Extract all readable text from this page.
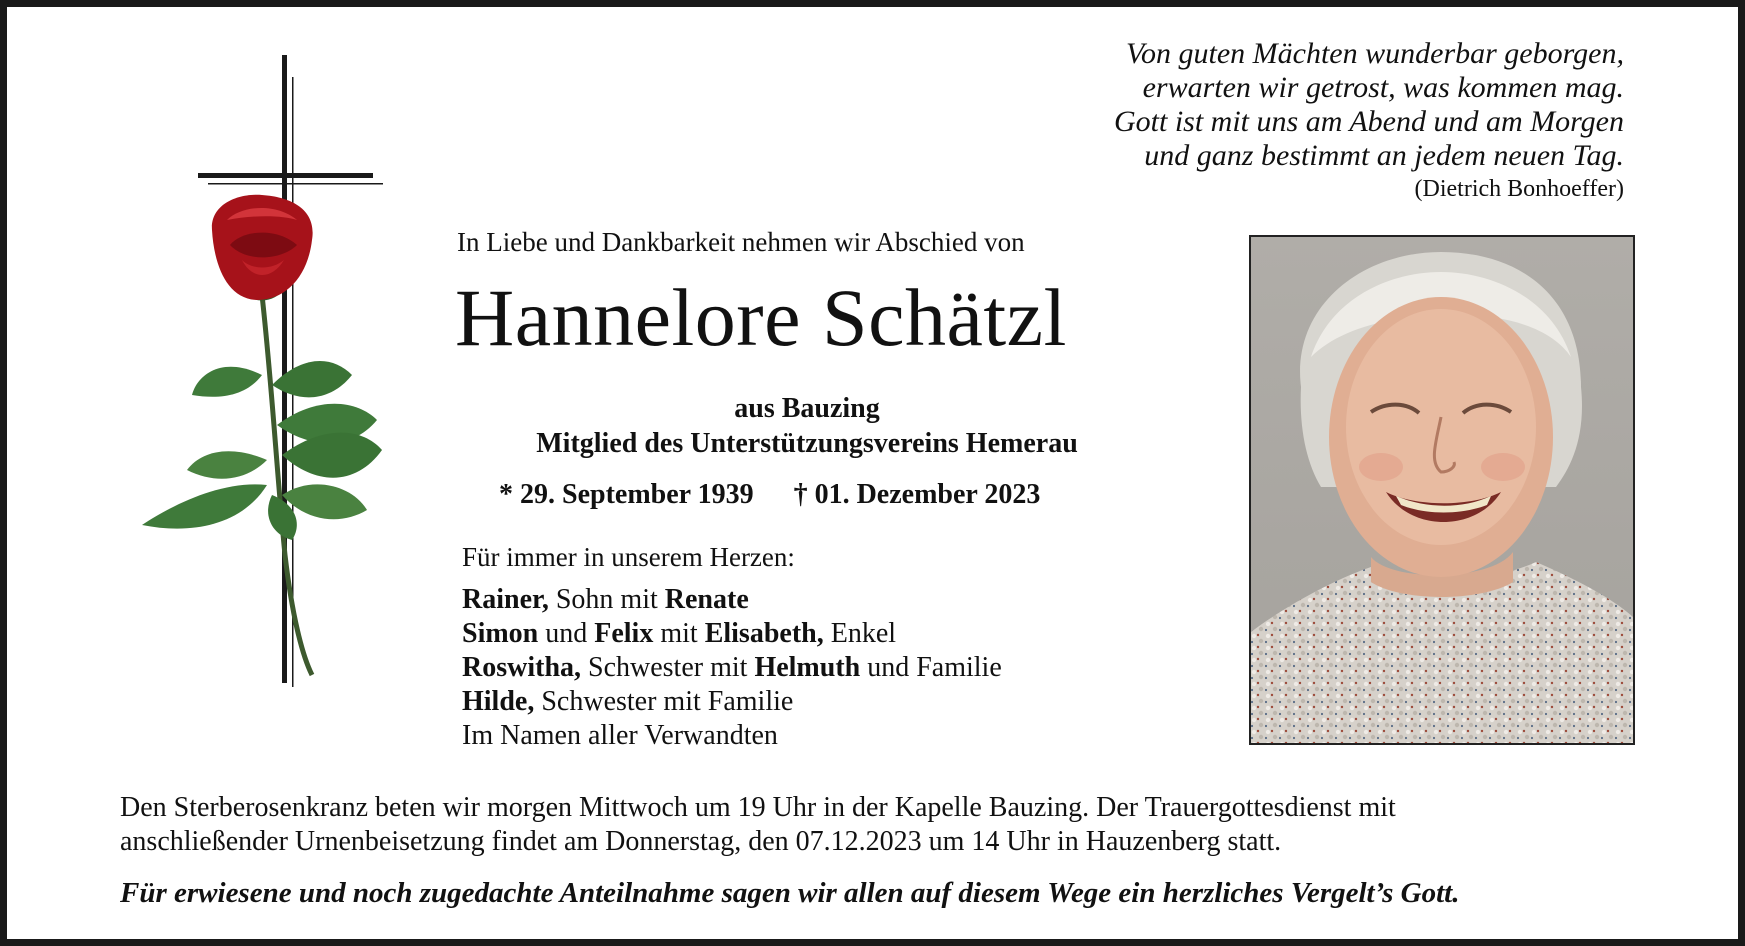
Von guten Mächten wunderbar geborgen,
erwarten wir getrost, was kommen mag.
Gott ist mit uns am Abend und am Morgen
und ganz bestimmt an jedem neuen Tag.
(Dietrich Bonhoeffer)
In Liebe und Dankbarkeit nehmen wir Abschied von
Hannelore Schätzl
aus Bauzing
Mitglied des Unterstützungsvereins Hemerau
* 29. September 1939 † 01. Dezember 2023
Für immer in unserem Herzen:
Rainer, Sohn mit Renate
Simon und Felix mit Elisabeth, Enkel
Roswitha, Schwester mit Helmuth und Familie
Hilde, Schwester mit Familie
Im Namen aller Verwandten
Den Sterberosenkranz beten wir morgen Mittwoch um 19 Uhr in der Kapelle Bauzing. Der Trauergottesdienst mit
anschließender Urnenbeisetzung findet am Donnerstag, den 07.12.2023 um 14 Uhr in Hauzenberg statt.
Für erwiesene und noch zugedachte Anteilnahme sagen wir allen auf diesem Wege ein herzliches Vergelt’s Gott.
